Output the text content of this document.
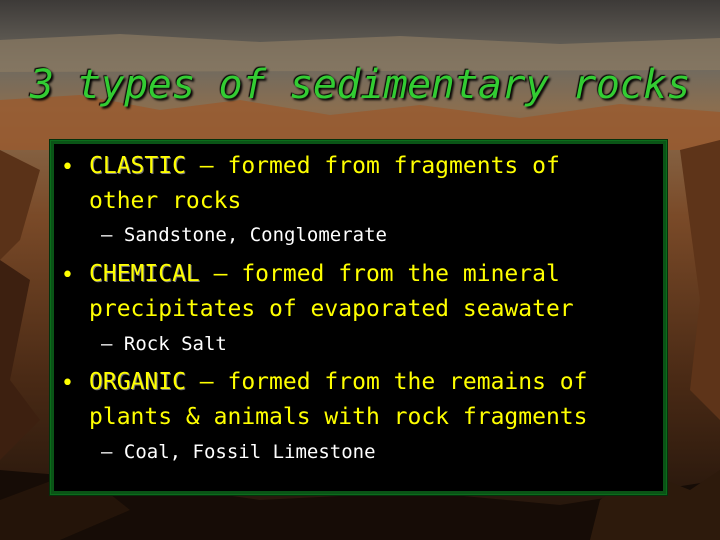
3 types of sedimentary rocks
• CLASTIC – formed from fragments of
other rocks
– Sandstone, Conglomerate
• CHEMICAL – formed from the mineral
precipitates of evaporated seawater
– Rock Salt
• ORGANIC – formed from the remains of
plants & animals with rock fragments
– Coal, Fossil Limestone
